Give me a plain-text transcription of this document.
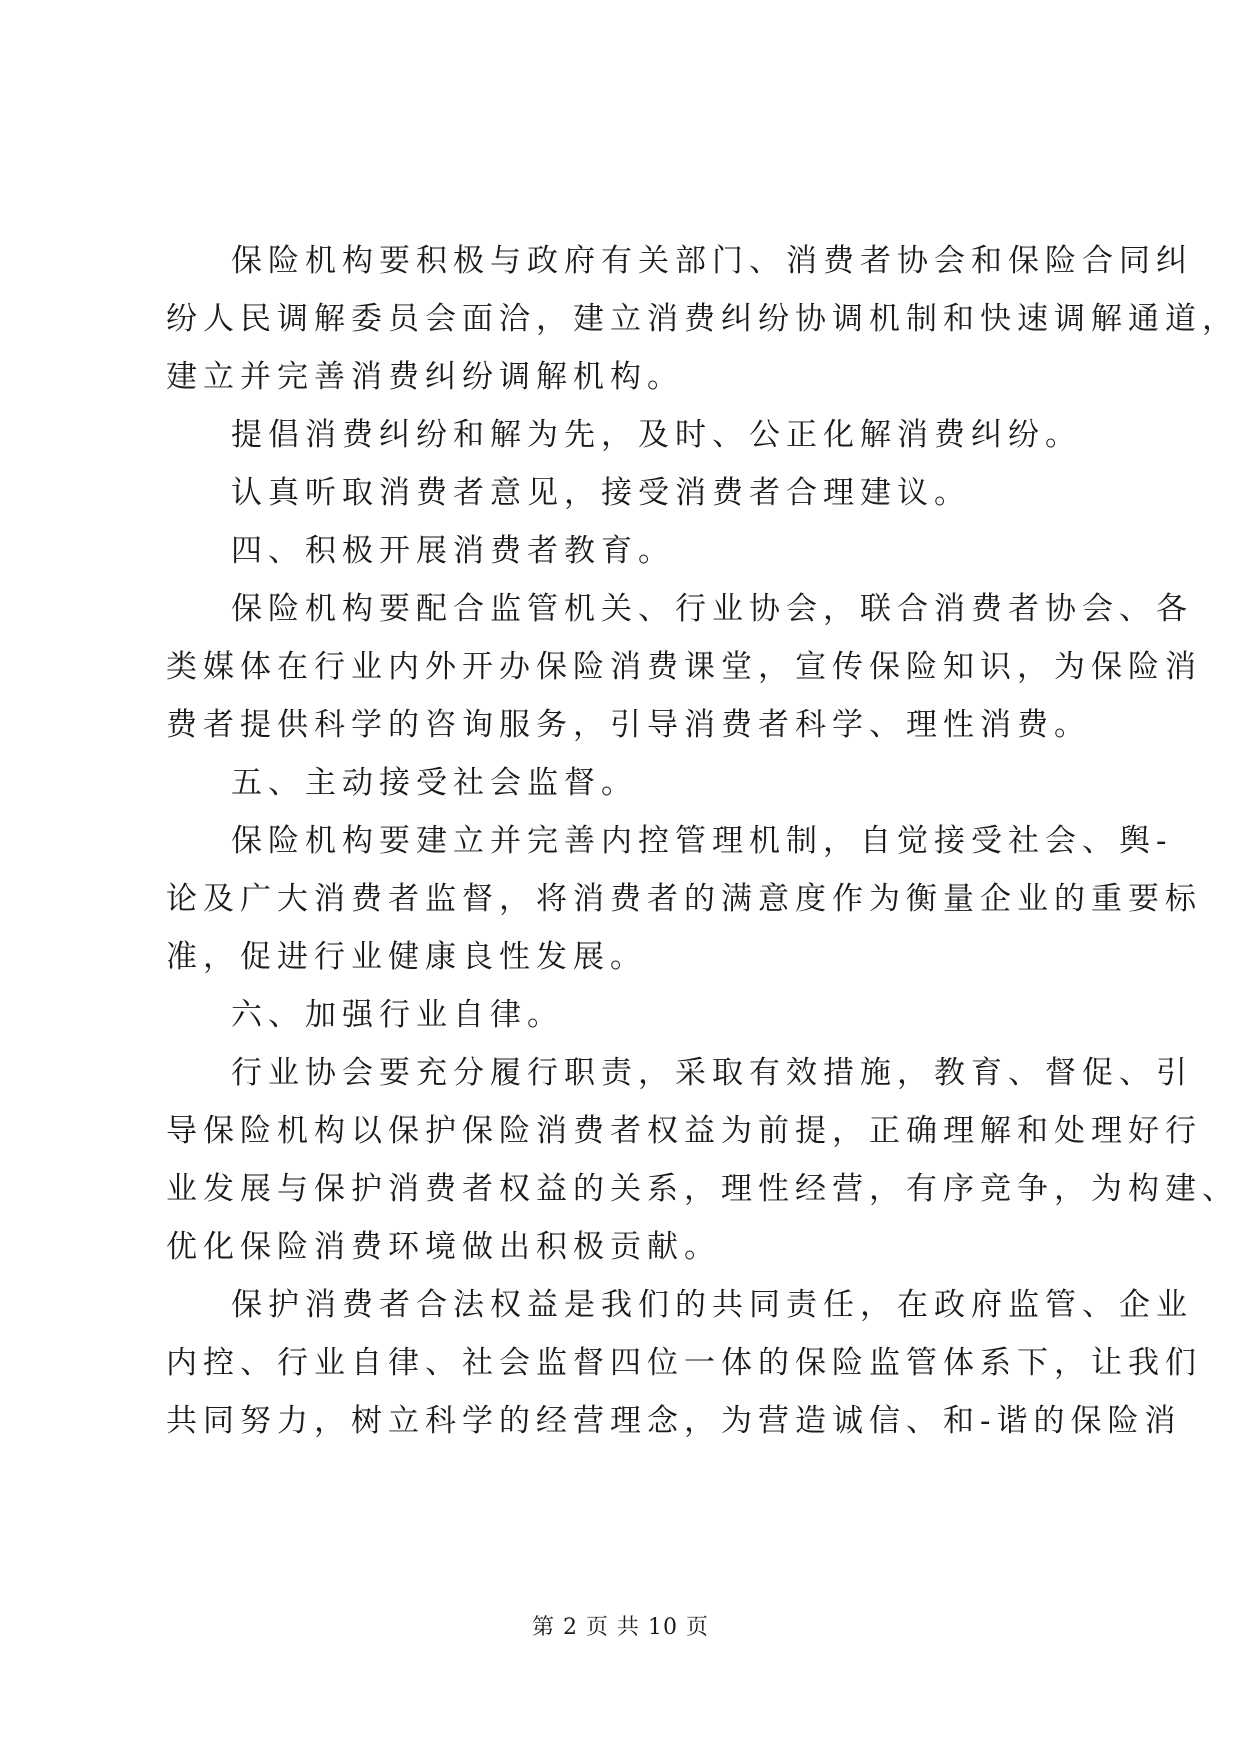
保险机构要积极与政府有关部门、消费者协会和保险合同纠
纷人民调解委员会面洽，建立消费纠纷协调机制和快速调解通道，
建立并完善消费纠纷调解机构。

提倡消费纠纷和解为先，及时、公正化解消费纠纷。

认真听取消费者意见，接受消费者合理建议。

四、积极开展消费者教育。

保险机构要配合监管机关、行业协会，联合消费者协会、各
类媒体在行业内外开办保险消费课堂，宣传保险知识，为保险消
费者提供科学的咨询服务，引导消费者科学、理性消费。

五、主动接受社会监督。

保险机构要建立并完善内控管理机制，自觉接受社会、舆-
论及广大消费者监督，将消费者的满意度作为衡量企业的重要标
准，促进行业健康良性发展。

六、加强行业自律。

行业协会要充分履行职责，采取有效措施，教育、督促、引
导保险机构以保护保险消费者权益为前提，正确理解和处理好行
业发展与保护消费者权益的关系，理性经营，有序竞争，为构建、
优化保险消费环境做出积极贡献。

保护消费者合法权益是我们的共同责任，在政府监管、企业
内控、行业自律、社会监督四位一体的保险监管体系下，让我们
共同努力，树立科学的经营理念，为营造诚信、和-谐的保险消

第 2 页 共 10 页
